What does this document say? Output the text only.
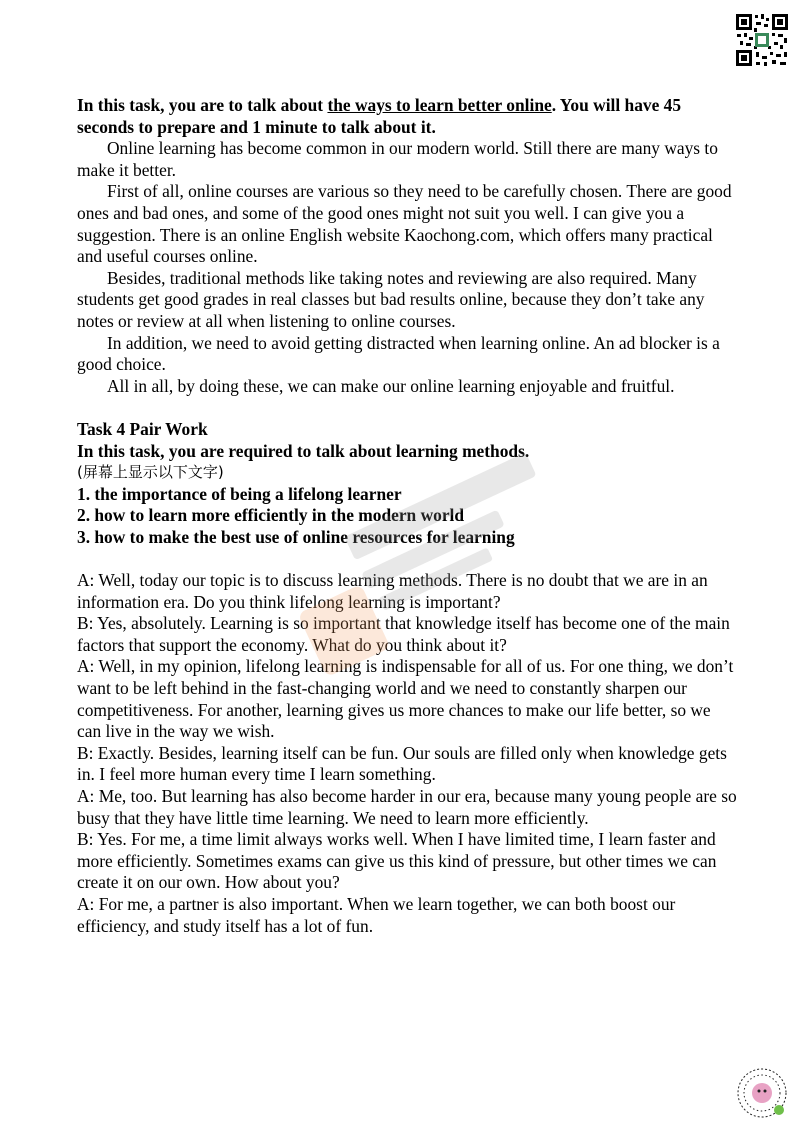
In this task, you are to talk about the ways to learn better online. You will have 45 seconds to prepare and 1 minute to talk about it.

Online learning has become common in our modern world. Still there are many ways to make it better.

First of all, online courses are various so they need to be carefully chosen. There are good ones and bad ones, and some of the good ones might not suit you well. I can give you a suggestion. There is an online English website Kaochong.com, which offers many practical and useful courses online.

Besides, traditional methods like taking notes and reviewing are also required. Many students get good grades in real classes but bad results online, because they don’t take any notes or review at all when listening to online courses.

In addition, we need to avoid getting distracted when learning online. An ad blocker is a good choice.

All in all, by doing these, we can make our online learning enjoyable and fruitful.

Task 4 Pair Work

In this task, you are required to talk about learning methods.

(屏幕上显示以下文字)

1. the importance of being a lifelong learner

2. how to learn more efficiently in the modern world

3. how to make the best use of online resources for learning

A: Well, today our topic is to discuss learning methods. There is no doubt that we are in an information era. Do you think lifelong learning is important?

B: Yes, absolutely. Learning is so important that knowledge itself has become one of the main factors that support the economy. What do you think about it?

A: Well, in my opinion, lifelong learning is indispensable for all of us. For one thing, we don’t want to be left behind in the fast-changing world and we need to constantly sharpen our competitiveness. For another, learning gives us more chances to make our life better, so we can live in the way we wish.

B: Exactly. Besides, learning itself can be fun. Our souls are filled only when knowledge gets in. I feel more human every time I learn something.

A: Me, too. But learning has also become harder in our era, because many young people are so busy that they have little time learning. We need to learn more efficiently.

B: Yes. For me, a time limit always works well. When I have limited time, I learn faster and more efficiently. Sometimes exams can give us this kind of pressure, but other times we can create it on our own. How about you?

A: For me, a partner is also important. When we learn together, we can both boost our efficiency, and study itself has a lot of fun.
